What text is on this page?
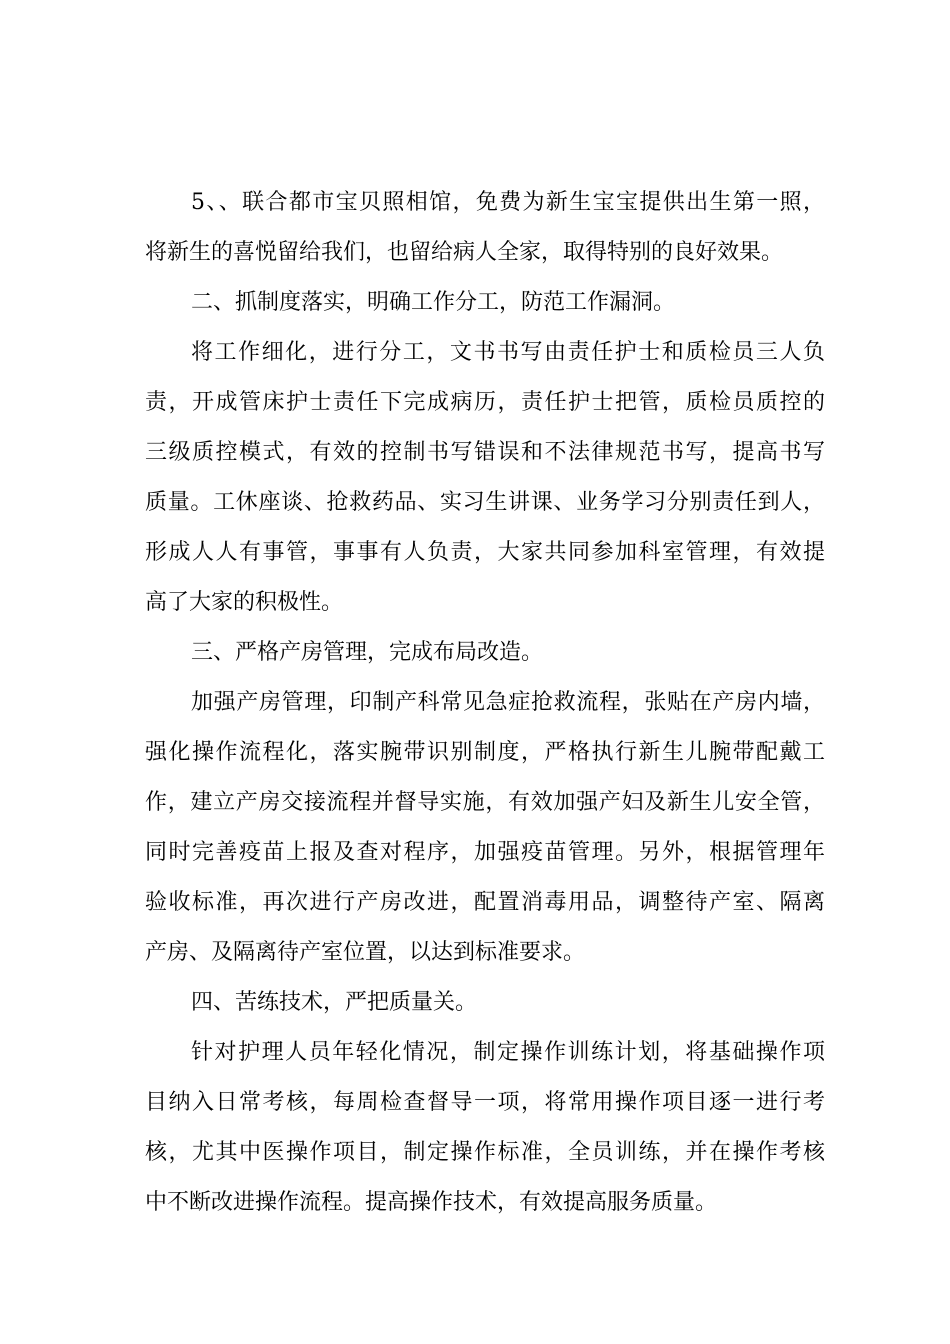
5、、联合都市宝贝照相馆，免费为新生宝宝提供出生第一照，
将新生的喜悦留给我们，也留给病人全家，取得特别的良好效果。
二、抓制度落实，明确工作分工，防范工作漏洞。
将工作细化，进行分工，文书书写由责任护士和质检员三人负
责，开成管床护士责任下完成病历，责任护士把管，质检员质控的
三级质控模式，有效的控制书写错误和不法律规范书写，提高书写
质量。工休座谈、抢救药品、实习生讲课、业务学习分别责任到人，
形成人人有事管，事事有人负责，大家共同参加科室管理，有效提
高了大家的积极性。
三、严格产房管理，完成布局改造。
加强产房管理，印制产科常见急症抢救流程，张贴在产房内墙，
强化操作流程化，落实腕带识别制度，严格执行新生儿腕带配戴工
作，建立产房交接流程并督导实施，有效加强产妇及新生儿安全管，
同时完善疫苗上报及查对程序，加强疫苗管理。另外，根据管理年
验收标准，再次进行产房改进，配置消毒用品，调整待产室、隔离
产房、及隔离待产室位置，以达到标准要求。
四、苦练技术，严把质量关。
针对护理人员年轻化情况，制定操作训练计划，将基础操作项
目纳入日常考核，每周检查督导一项，将常用操作项目逐一进行考
核，尤其中医操作项目，制定操作标准，全员训练，并在操作考核
中不断改进操作流程。提高操作技术，有效提高服务质量。
